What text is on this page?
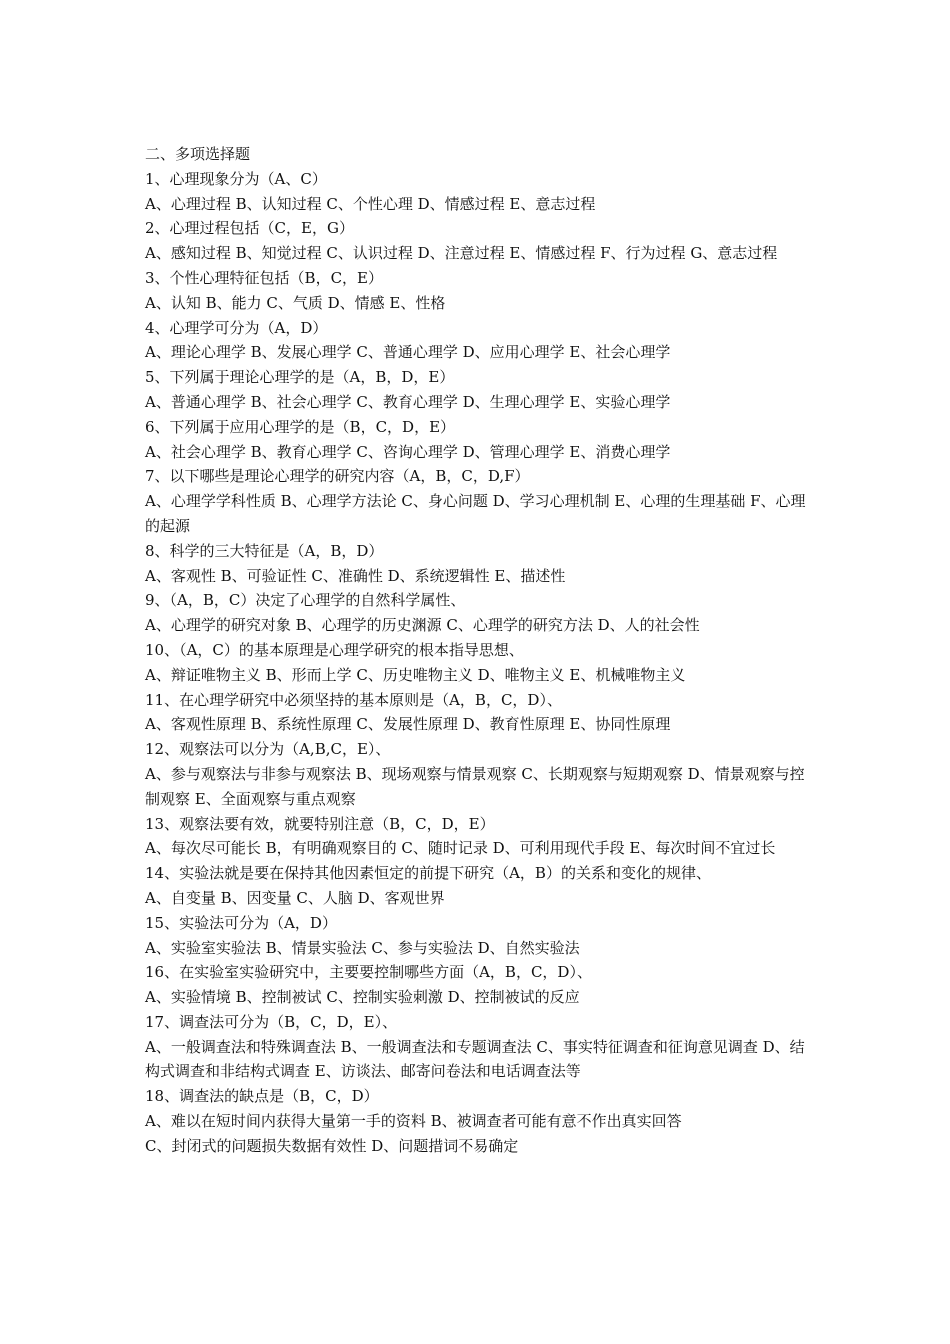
二、多项选择题

1、心理现象分为（A、C）

A、心理过程 B、认知过程 C、个性心理 D、情感过程 E、意志过程

2、心理过程包括（C，E，G）

A、感知过程 B、知觉过程 C、认识过程 D、注意过程 E、情感过程 F、行为过程 G、意志过程

3、个性心理特征包括（B，C，E）

A、认知 B、能力 C、气质 D、情感 E、性格

4、心理学可分为（A，D）

A、理论心理学 B、发展心理学 C、普通心理学 D、应用心理学 E、社会心理学

5、下列属于理论心理学的是（A，B，D，E）

A、普通心理学 B、社会心理学 C、教育心理学 D、生理心理学 E、实验心理学

6、下列属于应用心理学的是（B，C，D，E）

A、社会心理学 B、教育心理学 C、咨询心理学 D、管理心理学 E、消费心理学

7、以下哪些是理论心理学的研究内容（A，B，C，D,F）

A、心理学学科性质 B、心理学方法论 C、身心问题 D、学习心理机制 E、心理的生理基础 F、心理的起源

8、科学的三大特征是（A，B，D）

A、客观性 B、可验证性 C、准确性 D、系统逻辑性 E、描述性

9、（A，B，C）决定了心理学的自然科学属性、

A、心理学的研究对象 B、心理学的历史渊源 C、心理学的研究方法 D、人的社会性

10、（A，C）的基本原理是心理学研究的根本指导思想、

A、辩证唯物主义 B、形而上学 C、历史唯物主义 D、唯物主义 E、机械唯物主义

11、在心理学研究中必须坚持的基本原则是（A，B，C，D）、

A、客观性原理 B、系统性原理 C、发展性原理 D、教育性原理 E、协同性原理

12、观察法可以分为（A,B,C，E）、

A、参与观察法与非参与观察法 B、现场观察与情景观察 C、长期观察与短期观察 D、情景观察与控制观察 E、全面观察与重点观察

13、观察法要有效，就要特别注意（B，C，D，E）

A、每次尽可能长 B，有明确观察目的 C、随时记录 D、可利用现代手段 E、每次时间不宜过长

14、实验法就是要在保持其他因素恒定的前提下研究（A，B）的关系和变化的规律、

A、自变量 B、因变量 C、人脑 D、客观世界

15、实验法可分为（A，D）

A、实验室实验法 B、情景实验法 C、参与实验法 D、自然实验法

16、在实验室实验研究中，主要要控制哪些方面（A，B，C，D）、

A、实验情境 B、控制被试 C、控制实验刺激 D、控制被试的反应

17、调查法可分为（B，C，D，E）、

A、一般调查法和特殊调查法 B、一般调查法和专题调查法 C、事实特征调查和征询意见调查 D、结构式调查和非结构式调查 E、访谈法、邮寄问卷法和电话调查法等

18、调查法的缺点是（B，C，D）

A、难以在短时间内获得大量第一手的资料 B、被调查者可能有意不作出真实回答

C、封闭式的问题损失数据有效性 D、问题措词不易确定
